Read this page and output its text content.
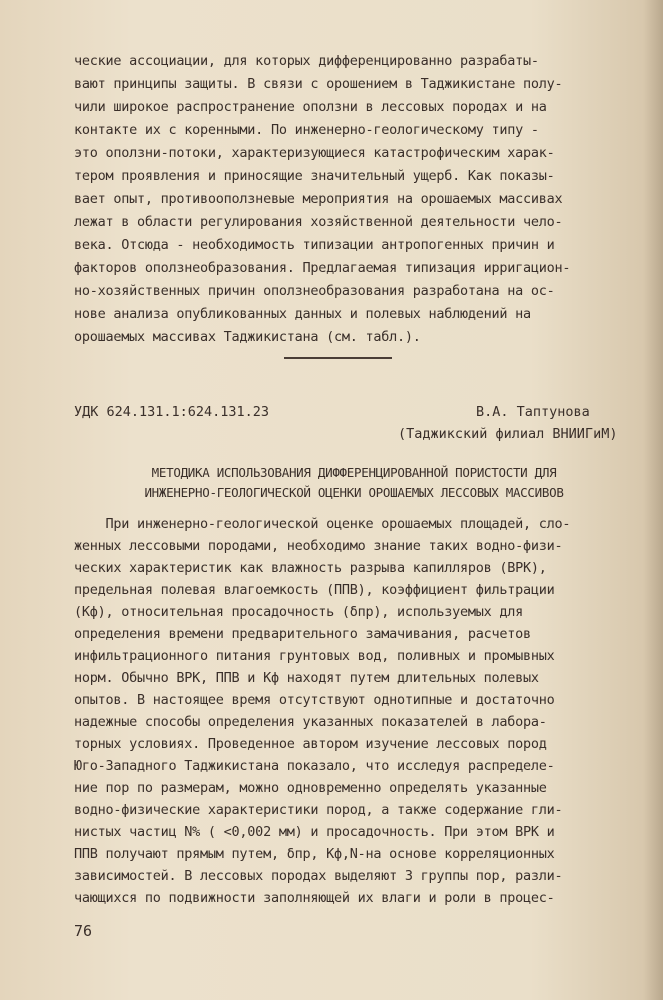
ческие ассоциации, для которых дифференцированно разрабаты-
вают принципы защиты. В связи с орошением в Таджикистане полу-
чили широкое распространение оползни в лессовых породах и на
контакте их с коренными. По инженерно-геологическому типу -
это оползни-потоки, характеризующиеся катастрофическим харак-
тером проявления и приносящие значительный ущерб. Как показы-
вает опыт, противооползневые мероприятия на орошаемых массивах
лежат в области регулирования хозяйственной деятельности чело-
века. Отсюда - необходимость типизации антропогенных причин и
факторов оползнеобразования. Предлагаемая типизация ирригацион-
но-хозяйственных причин оползнеобразования разработана на ос-
нове анализа опубликованных данных и полевых наблюдений на
орошаемых массивах Таджикистана (см. табл.).
УДК 624.131.1:624.131.23	В.А. Таптунова
(Таджикский филиал ВНИИГиМ)
МЕТОДИКА ИСПОЛЬЗОВАНИЯ ДИФФЕРЕНЦИРОВАННОЙ ПОРИСТОСТИ ДЛЯ
ИНЖЕНЕРНО-ГЕОЛОГИЧЕСКОЙ ОЦЕНКИ ОРОШАЕМЫХ ЛЕССОВЫХ МАССИВОВ
При инженерно-геологической оценке орошаемых площадей, сло-
женных лессовыми породами, необходимо знание таких водно-физи-
ческих характеристик как влажность разрыва капилляров (ВРК),
предельная полевая влагоемкость (ППВ), коэффициент фильтрации
(Кф), относительная просадочность (δпр), используемых для
определения времени предварительного замачивания, расчетов
инфильтрационного питания грунтовых вод, поливных и промывных
норм. Обычно ВРК, ППВ и Кф находят путем длительных полевых
опытов. В настоящее время отсутствуют однотипные и достаточно
надежные способы определения указанных показателей в лабора-
торных условиях. Проведенное автором изучение лессовых пород
Юго-Западного Таджикистана показало, что исследуя распределе-
ние пор по размерам, можно одновременно определять указанные
водно-физические характеристики пород, а также содержание гли-
нистых частиц N% ( <0,002 мм) и просадочность. При этом ВРК и
ППВ получают прямым путем, δпр, Кф,N-на основе корреляционных
зависимостей. В лессовых породах выделяют 3 группы пор, разли-
чающихся по подвижности заполняющей их влаги и роли в процес-
76
